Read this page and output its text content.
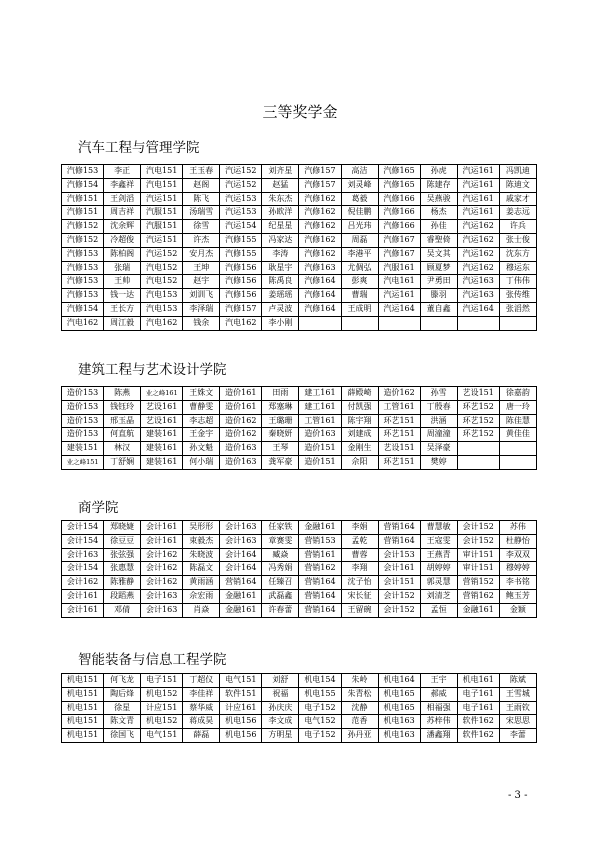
三等奖学金
汽车工程与管理学院
汽修153	李正	汽电151	王玉春	汽运152	刘齐星	汽修157	高洁	汽修165	孙虎	汽运161	冯凯迪
汽修154	李鑫祥	汽电151	赵阁	汽运152	赵猛	汽修157	刘灵峰	汽修165	陈建存	汽运161	陈迪文
汽修151	王剑滔	汽运151	陈飞	汽运153	朱东杰	汽修162	葛毅	汽修166	吴燕骏	汽运161	戚家才
汽修151	周吉祥	汽服151	汤瑞雪	汽运153	孙欧洋	汽修162	倪佳鹏	汽修166	杨杰	汽运161	姜志远
汽修152	沈余辉	汽服151	徐雪	汽运154	纪星星	汽修162	吕光玮	汽修166	孙佳	汽运162	许兵
汽修152	冷超俊	汽运151	许杰	汽修155	冯家达	汽修162	周磊	汽修167	睿聖倚	汽运162	张士俊
汽修153	陈柏阁	汽运152	安月杰	汽修155	李涛	汽修162	李港平	汽修167	吴文其	汽运162	沈东方
汽修153	张瑞	汽电152	王坤	汽修156	耿星宇	汽修163	尤倜弘	汽服161	顾夏梦	汽运162	穆运东
汽修153	王帅	汽电152	赵宇	汽修156	陈禹良	汽修164	彭爽	汽电161	尹勇田	汽运163	丁伟伟
汽修153	钱一达	汽电153	刘训飞	汽修156	姜瑶瑶	汽修164	曹瑞	汽运161	滕羽	汽运163	张传维
汽修154	王长方	汽电153	李泽瑞	汽修157	卢灵波	汽修164	王成明	汽运164	董自鑫	汽运164	张滔然
汽电162	周江毅	汽电162	钱余	汽电162	李小刚						
建筑工程与艺术设计学院
造价153	陈燕	业之峰161	王姝文	造价161	田雨	建工161	薛殿崎	造价162	孙雪	艺设151	徐嘉韵
造价153	钱钰玲	艺设161	曹静雯	造价161	郑塞琳	建工161	付凯强	工管161	丁殷春	环艺152	唐一玲
造价153	邢玉晶	艺设161	李志超	造价162	王璐珊	工管161	陈宇翔	环艺151	洪涵	环艺152	陈佳慧
造价153	何直航	建装161	王金宇	造价162	秦晓妍	造价163	刘建成	环艺151	周潼潼	环艺152	黄佳佳
建装151	林汉	建装161	孙文魁	造价163	王琴	造价151	金刚生	艺设151	吴泽豪		
业之峰151	丁舒娴	建装161	何小瑞	造价163	龚军豪	造价151	佘阳	环艺151	樊婷		
商学院
会计154	郑晓婕	会计161	吴形形	会计163	任家铁	金融161	李娟	营销164	曹慧敏	会计152	苏伟
会计154	徐豆豆	会计161	束毅杰	会计163	章赛雯	营销153	孟乾	营销164	王寇雯	会计152	杜静怡
会计163	张弦强	会计162	朱晓波	会计164	臧焱	营销161	曹蓉	会计153	王燕青	审计151	李双双
会计154	张惠慧	会计162	陈磊文	会计164	冯秀娟	营销162	李翔	会计161	胡婷婷	审计151	穆婷婷
会计162	陈雅静	会计162	黄雨涵	营销164	任臻召	营销164	沈子怡	会计151	郭灵慧	营销152	李书铭
会计161	段蹈燕	会计163	佘宏雨	金融161	武磊鑫	营销164	宋长征	会计152	刘清芝	营销162	鲍玉芳
会计161	邓倩	会计163	肖焱	金融161	许春蕾	营销164	王留碗	会计152	孟恒	金融161	金颖
智能装备与信息工程学院
机电151	何飞龙	电子151	丁超仪	电气151	刘舒	机电154	朱岭	机电164	王宇	机电161	陈斌
机电151	陶后烽	机电152	李佳祥	软件151	祝福	机电155	朱青松	机电165	郝威	电子161	王雪城
机电151	徐星	计应151	蔡华威	计应161	孙庆庆	电子152	沈静	机电165	相福强	电子161	王雨钦
机电151	陈文青	机电152	蒋成昊	机电156	李文成	电气152	范香	机电163	苏梓伟	软件162	宋思思
机电151	徐国飞	电气151	薛磊	机电156	方明星	电子152	孙丹亚	机电163	潘鑫翔	软件162	李蕾
- 3 -
